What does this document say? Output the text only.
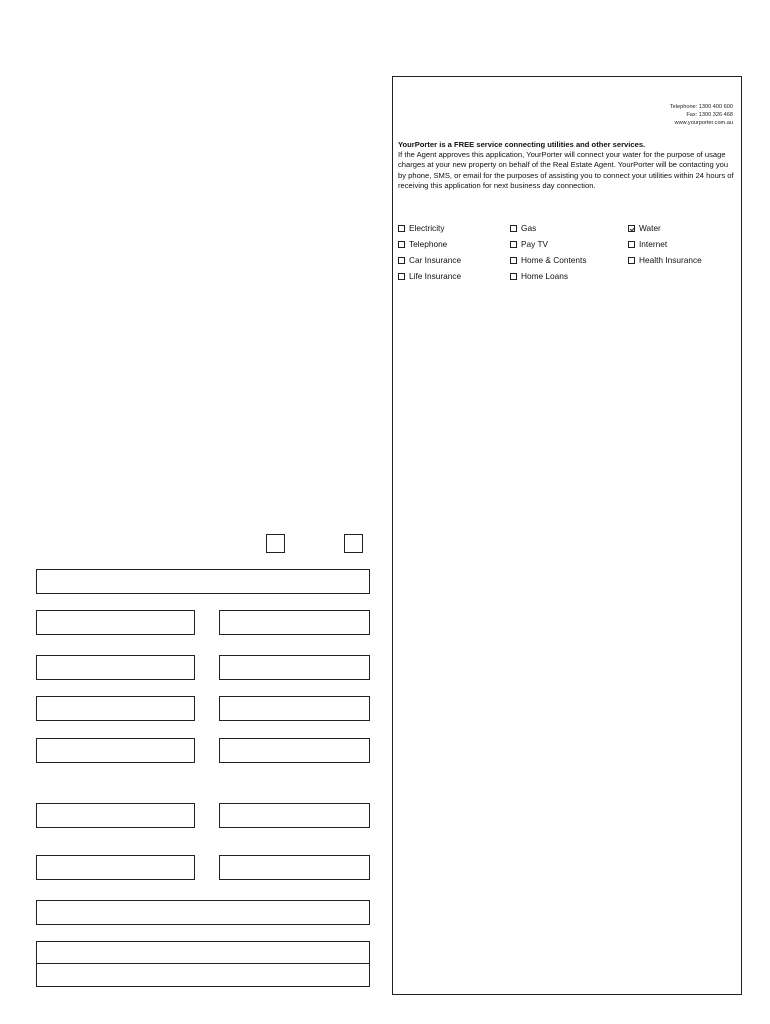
Telephone: 1300 400 600
Fax: 1300 326 468
www.yourporter.com.au
YourPorter is a FREE service connecting utilities and other services.
If the Agent approves this application, YourPorter will connect your water for the purpose of usage charges at your new property on behalf of the Real Estate Agent. YourPorter will be contacting you by phone, SMS, or email for the purposes of assisting you to connect your utilities within 24 hours of receiving this application for next business day connection.
Electricity	Gas	Water
Telephone	Pay TV	Internet
Car Insurance	Home & Contents	Health Insurance
Life Insurance	Home Loans
